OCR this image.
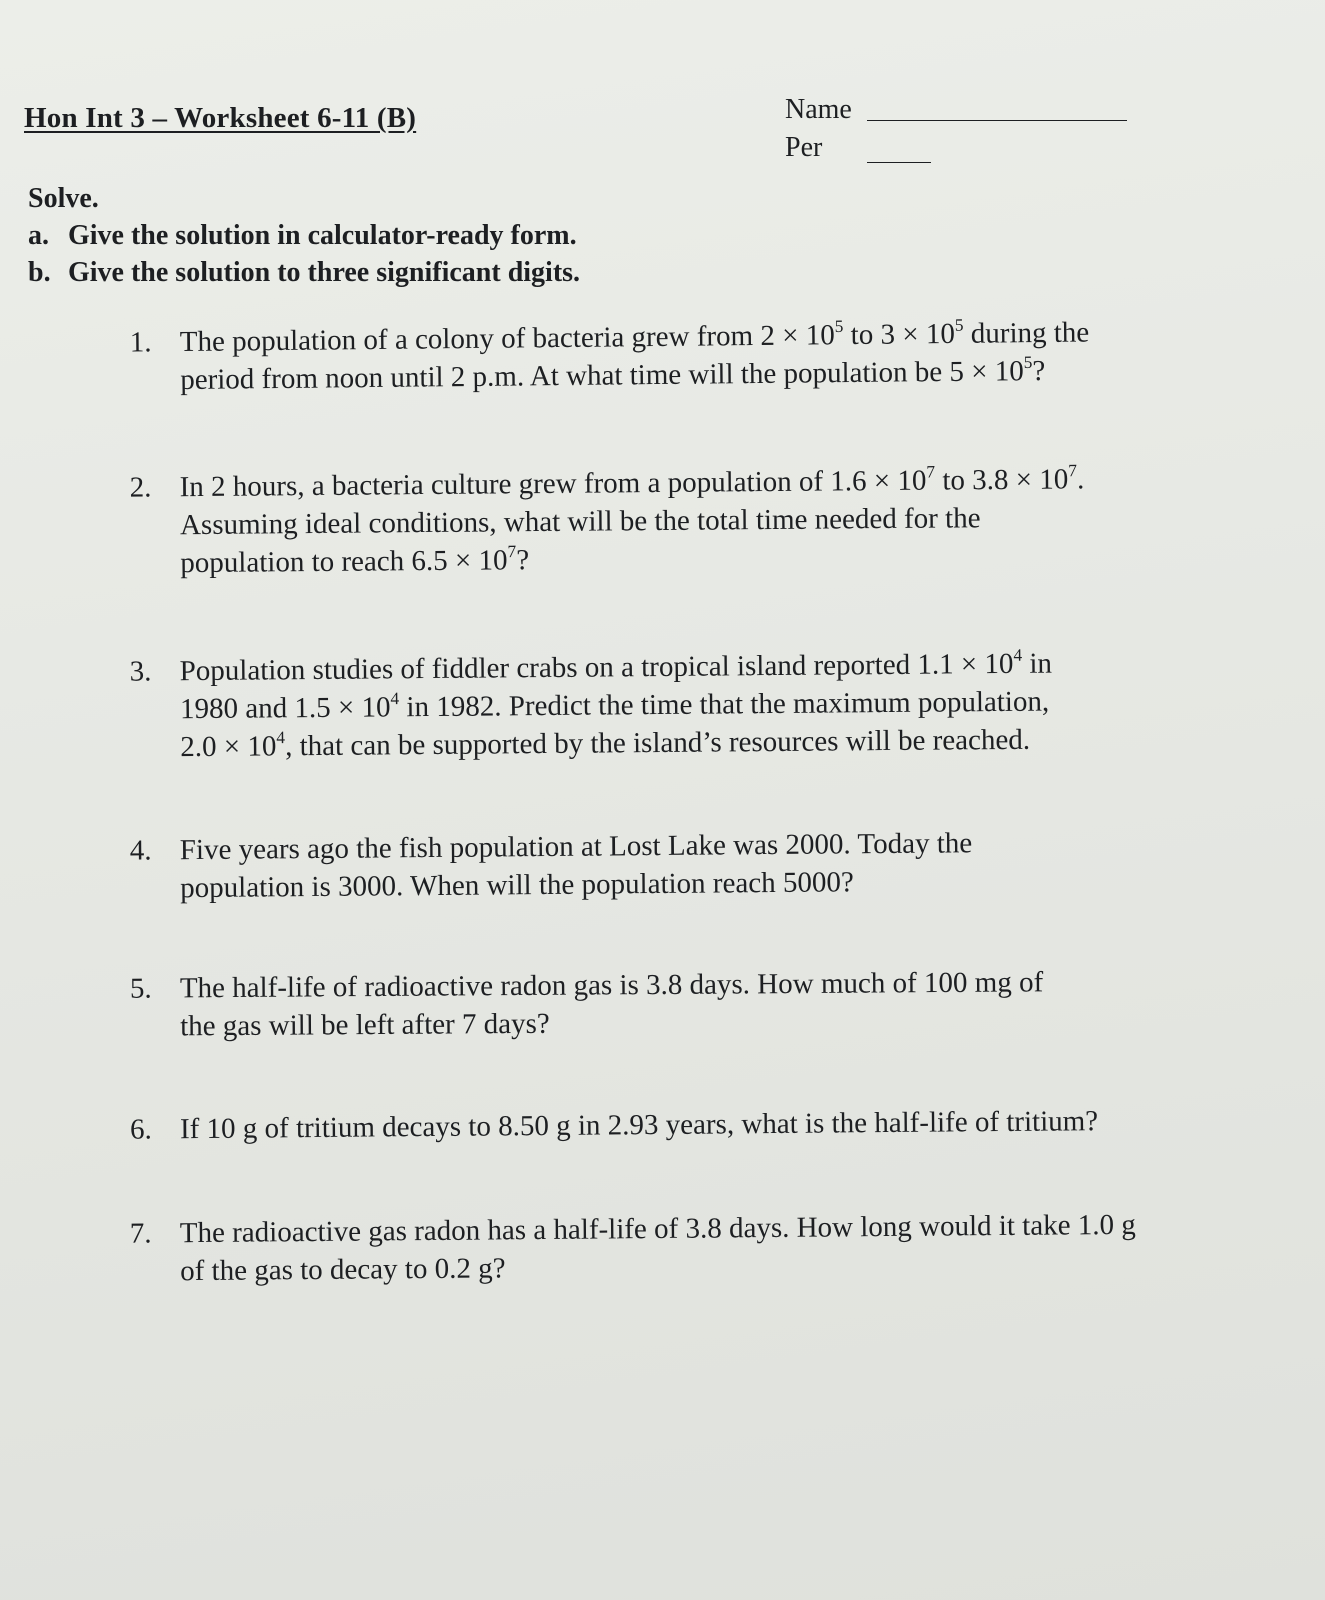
Hon Int 3 – Worksheet 6-11 (B)	Name
Per
Solve.
a. Give the solution in calculator-ready form.
b. Give the solution to three significant digits.
1. The population of a colony of bacteria grew from $2 \times 10^5$ to $3 \times 10^5$ during the
period from noon until 2 p.m. At what time will the population be $5 \times 10^5$?
2. In 2 hours, a bacteria culture grew from a population of $1.6 \times 10^7$ to $3.8 \times 10^7$.
Assuming ideal conditions, what will be the total time needed for the
population to reach $6.5 \times 10^7$?
3. Population studies of fiddler crabs on a tropical island reported $1.1 \times 10^4$ in
1980 and $1.5 \times 10^4$ in 1982. Predict the time that the maximum population,
$2.0 \times 10^4$, that can be supported by the island’s resources will be reached.
4. Five years ago the fish population at Lost Lake was 2000. Today the
population is 3000. When will the population reach 5000?
5. The half-life of radioactive radon gas is 3.8 days. How much of 100 mg of
the gas will be left after 7 days?
6. If 10 g of tritium decays to 8.50 g in 2.93 years, what is the half-life of tritium?
7. The radioactive gas radon has a half-life of 3.8 days. How long would it take 1.0 g
of the gas to decay to 0.2 g?
